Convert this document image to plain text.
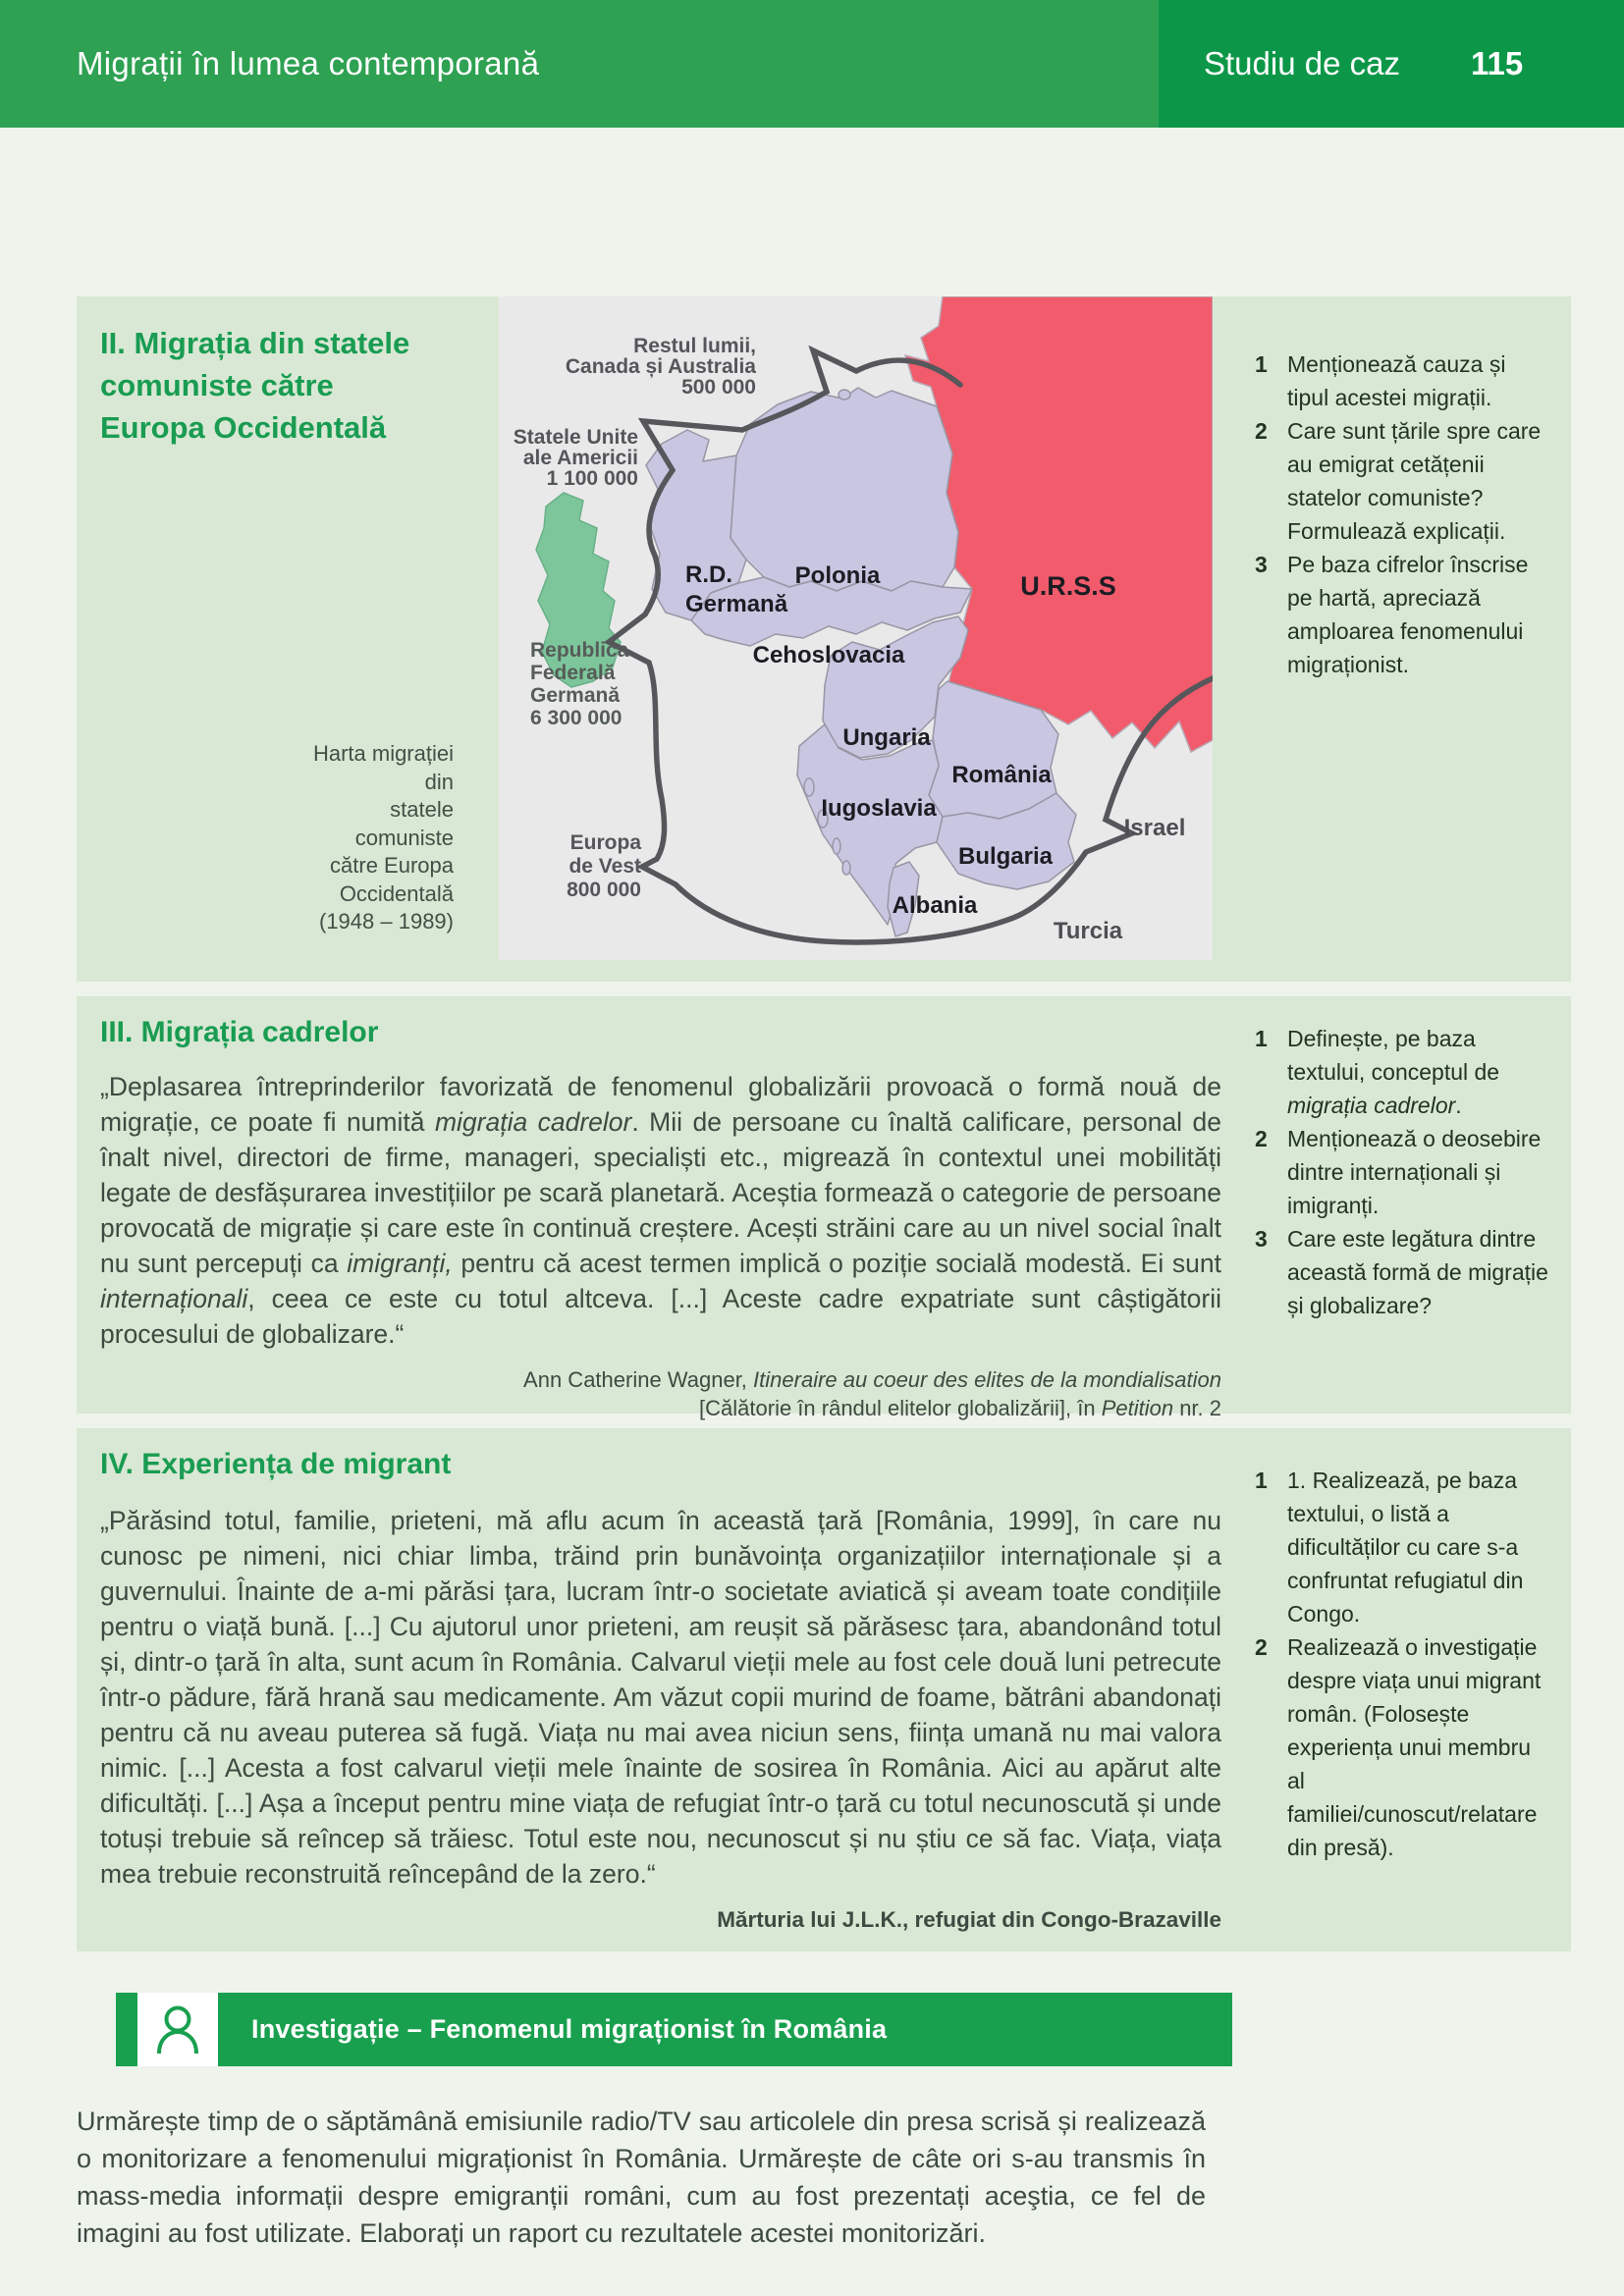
Migrații în lumea contemporană	Studiu de caz 115
II. Migrația din statele
comuniste către
Europa Occidentală
Harta migrației
din
statele
comuniste
către Europa
Occidentală
(1948 – 1989)
Restul lumii,
Canada și Australia
500 000
Statele Unite
ale Americii
1 100 000
Europa
de Vest
800 000
Republica
Federală
Germană
6 300 000
R.D.
Germană
Polonia
Cehoslovacia
Ungaria
România
Iugoslavia
Bulgaria
Albania
U.R.S.S
Israel
Turcia
1 Menționează cauza și tipul acestei migrații.
2 Care sunt țările spre care au emigrat cetățenii statelor comuniste? Formulează explicații.
3 Pe baza cifrelor înscrise pe hartă, apreciază amploarea fenomenului migraționist.
III. Migrația cadrelor
„Deplasarea întreprinderilor favorizată de fenomenul globalizării provoacă o formă nouă de migrație, ce poate fi numită migrația cadrelor. Mii de persoane cu înaltă calificare, personal de înalt nivel, directori de firme, manageri, specialiști etc., migrează în contextul unei mobilități legate de desfășurarea investițiilor pe scară planetară. Aceștia formează o categorie de persoane provocată de migrație și care este în continuă creștere. Acești străini care au un nivel social înalt nu sunt percepuți ca imigranți, pentru că acest termen implică o poziție socială modestă. Ei sunt internaționali, ceea ce este cu totul altceva. [...] Aceste cadre expatriate sunt câștigătorii procesului de globalizare.“
Ann Catherine Wagner, Itineraire au coeur des elites de la mondialisation
[Călătorie în rândul elitelor globalizării], în Petition nr. 2
1 Definește, pe baza textului, conceptul de migrația cadrelor.
2 Menționează o deosebire dintre internaționali și imigranți.
3 Care este legătura dintre această formă de migrație și globalizare?
IV. Experiența de migrant
„Părăsind totul, familie, prieteni, mă aflu acum în această țară [România, 1999], în care nu cunosc pe nimeni, nici chiar limba, trăind prin bunăvoința organizațiilor internaționale și a guvernului. Înainte de a-mi părăsi țara, lucram într-o societate aviatică și aveam toate condițiile pentru o viață bună. [...] Cu ajutorul unor prieteni, am reușit să părăsesc țara, abandonând totul și, dintr-o țară în alta, sunt acum în România. Calvarul vieții mele au fost cele două luni petrecute într-o pădure, fără hrană sau medicamente. Am văzut copii murind de foame, bătrâni abandonați pentru că nu aveau puterea să fugă. Viața nu mai avea niciun sens, ființa umană nu mai valora nimic. [...] Acesta a fost calvarul vieții mele înainte de sosirea în România. Aici au apărut alte dificultăți. [...] Așa a început pentru mine viața de refugiat într-o țară cu totul necunoscută și unde totuși trebuie să reîncep să trăiesc. Totul este nou, necunoscut și nu știu ce să fac. Viața, viața mea trebuie reconstruită reîncepând de la zero.“
Mărturia lui J.L.K., refugiat din Congo-Brazaville
1 1. Realizează, pe baza textului, o listă a dificultăților cu care s-a confruntat refugiatul din Congo.
2 Realizează o investigație despre viața unui migrant român. (Folosește experiența unui membru al familiei/cunoscut/relatare din presă).
Investigație – Fenomenul migraționist în România
Urmărește timp de o săptămână emisiunile radio/TV sau articolele din presa scrisă și realizează o monitorizare a fenomenului migraționist în România. Urmărește de câte ori s-au transmis în mass-media informații despre emigranții români, cum au fost prezentați aceştia, ce fel de imagini au fost utilizate. Elaborați un raport cu rezultatele acestei monitorizări.
